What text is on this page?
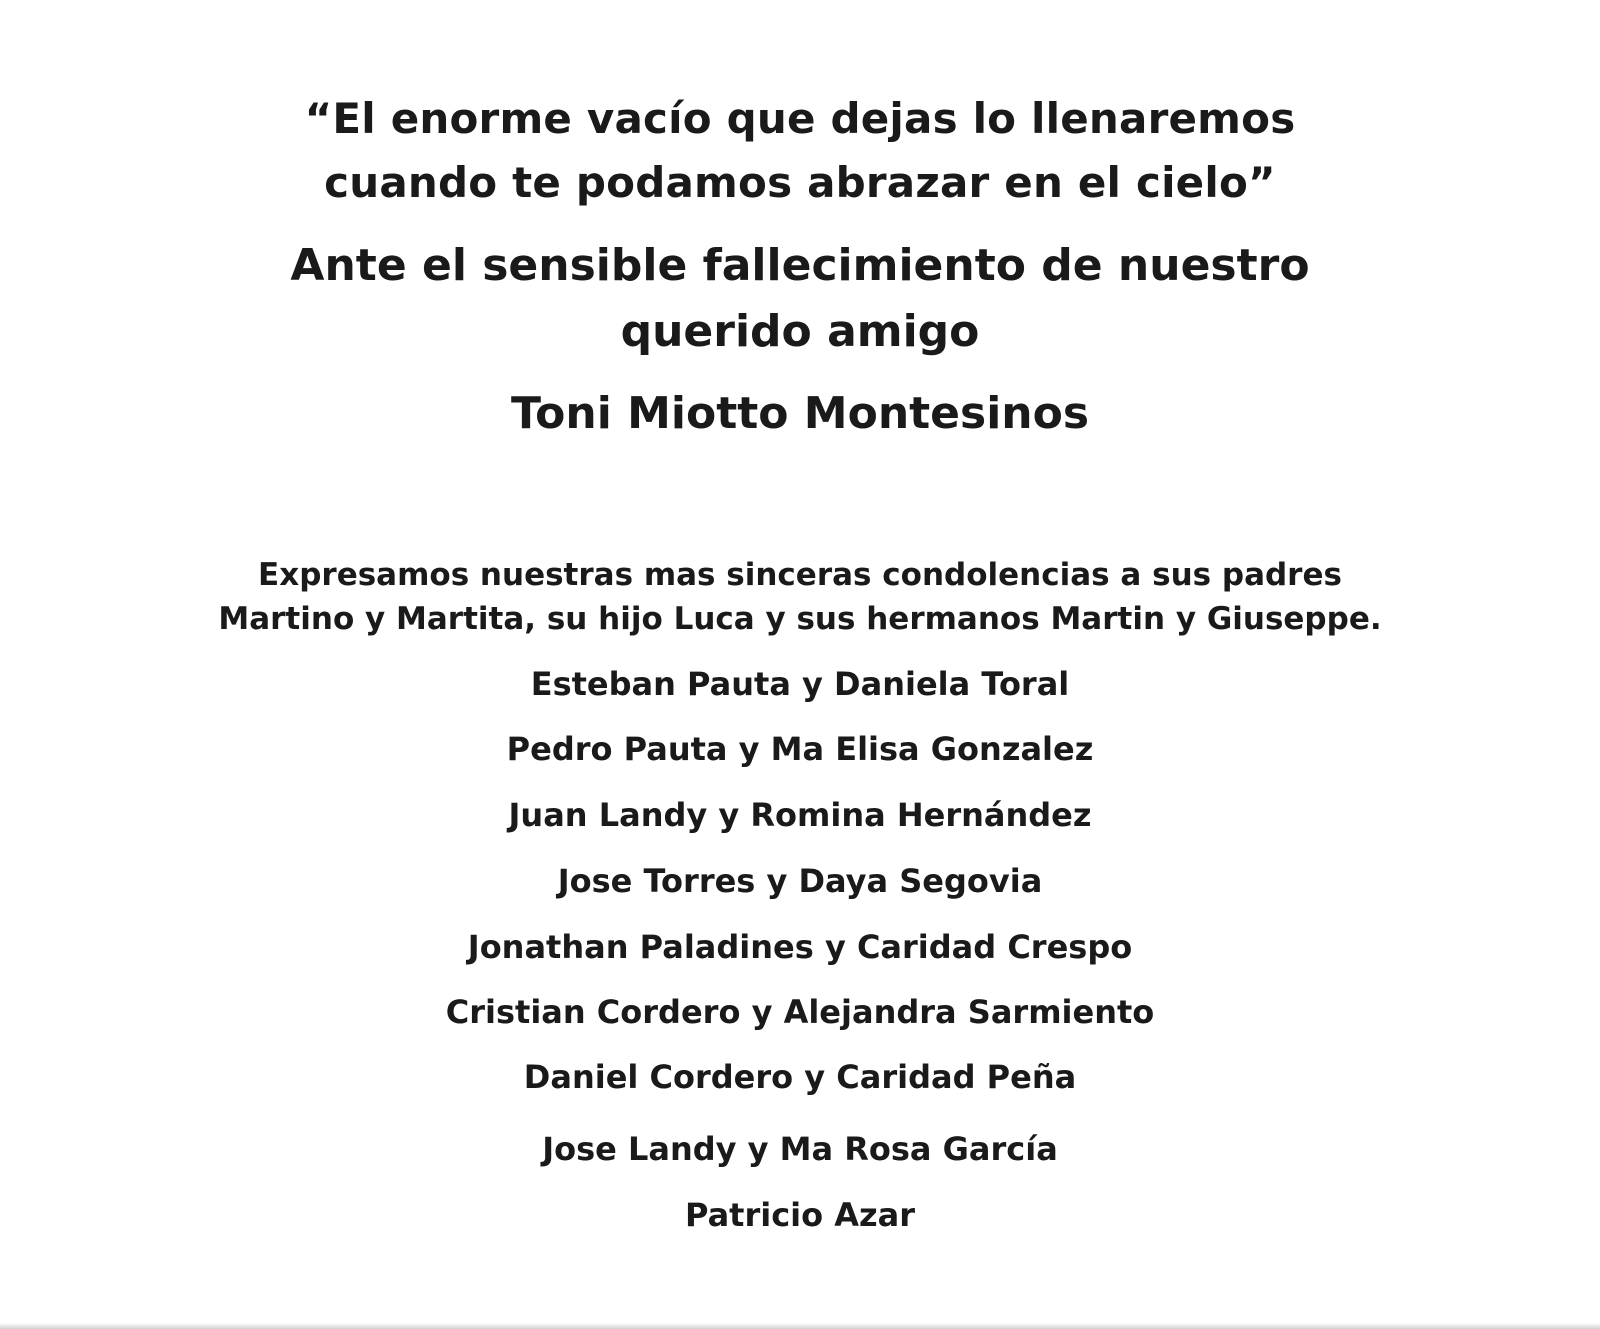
“El enorme vacío que dejas lo llenaremos
cuando te podamos abrazar en el cielo”
Ante el sensible fallecimiento de nuestro
querido amigo
Toni Miotto Montesinos
Expresamos nuestras mas sinceras condolencias a sus padres
Martino y Martita, su hijo Luca y sus hermanos Martin y Giuseppe.
Esteban Pauta y Daniela Toral
Pedro Pauta y Ma Elisa Gonzalez
Juan Landy y Romina Hernández
Jose Torres y Daya Segovia
Jonathan Paladines y Caridad Crespo
Cristian Cordero y Alejandra Sarmiento
Daniel Cordero y Caridad Peña
Jose Landy y Ma Rosa García
Patricio Azar
